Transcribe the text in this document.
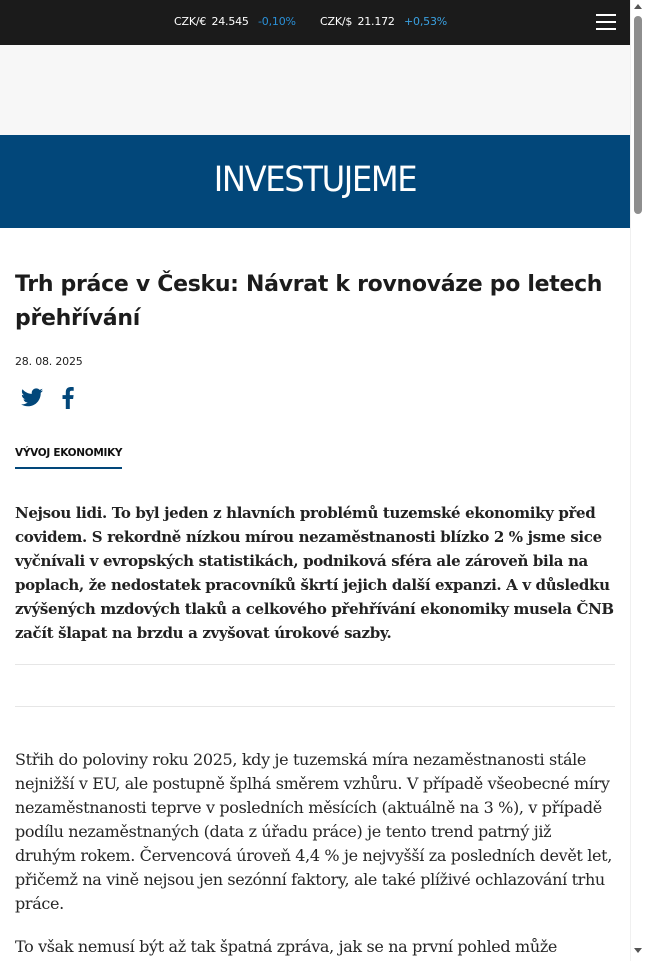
CZK/€ 24.545 -0,10% CZK/$ 21.172 +0,53%
INVESTUJEME
Trh práce v Česku: Návrat k rovnováze po letech přehřívání
28. 08. 2025
VÝVOJ EKONOMIKY

Nejsou lidi. To byl jeden z hlavních problémů tuzemské ekonomiky před covidem. S rekordně nízkou mírou nezaměstnanosti blízko 2 % jsme sice vyčnívali v evropských statistikách, podniková sféra ale zároveň bila na poplach, že nedostatek pracovníků škrtí jejich další expanzi. A v důsledku zvýšených mzdových tlaků a celkového přehřívání ekonomiky musela ČNB začít šlapat na brzdu a zvyšovat úrokové sazby.

Střih do poloviny roku 2025, kdy je tuzemská míra nezaměstnanosti stále nejnižší v EU, ale postupně šplhá směrem vzhůru. V případě všeobecné míry nezaměstnanosti teprve v posledních měsících (aktuálně na 3 %), v případě podílu nezaměstnaných (data z úřadu práce) je tento trend patrný již druhým rokem. Červencová úroveň 4,4 % je nejvyšší za posledních devět let, přičemž na vině nejsou jen sezónní faktory, ale také plíživé ochlazování trhu práce.

To však nemusí být až tak špatná zpráva, jak se na první pohled může
